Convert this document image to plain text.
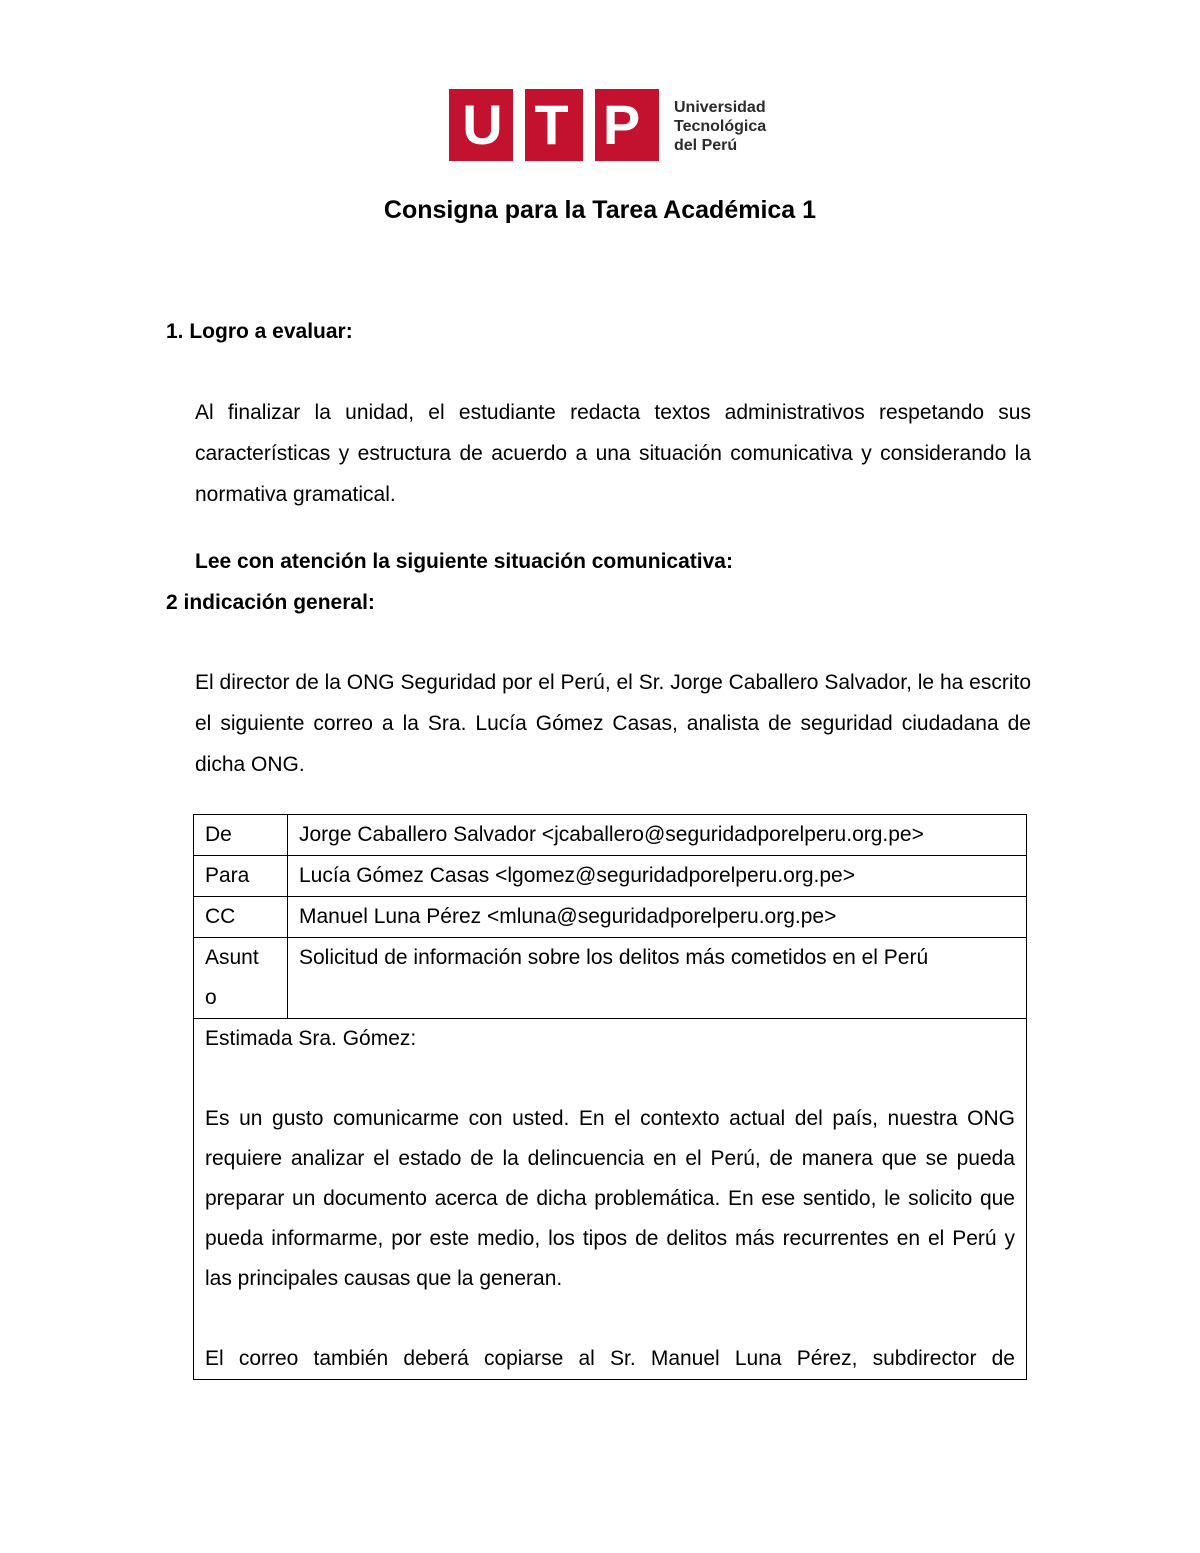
U T P	Universidad
Tecnológica
del Perú
Consigna para la Tarea Académica 1
1. Logro a evaluar:
Al finalizar la unidad, el estudiante redacta textos administrativos respetando sus características y estructura de acuerdo a una situación comunicativa y considerando la normativa gramatical.
Lee con atención la siguiente situación comunicativa:
2 indicación general:
El director de la ONG Seguridad por el Perú, el Sr. Jorge Caballero Salvador, le ha escrito el siguiente correo a la Sra. Lucía Gómez Casas, analista de seguridad ciudadana de dicha ONG.
De	Jorge Caballero Salvador <jcaballero@seguridadporelperu.org.pe>
Para	Lucía Gómez Casas <lgomez@seguridadporelperu.org.pe>
CC	Manuel Luna Pérez <mluna@seguridadporelperu.org.pe>
Asunt o	Solicitud de información sobre los delitos más cometidos en el Perú

Estimada Sra. Gómez:

Es un gusto comunicarme con usted. En el contexto actual del país, nuestra ONG requiere analizar el estado de la delincuencia en el Perú, de manera que se pueda preparar un documento acerca de dicha problemática. En ese sentido, le solicito que pueda informarme, por este medio, los tipos de delitos más recurrentes en el Perú y las principales causas que la generan.

El correo también deberá copiarse al Sr. Manuel Luna Pérez, subdirector de	
